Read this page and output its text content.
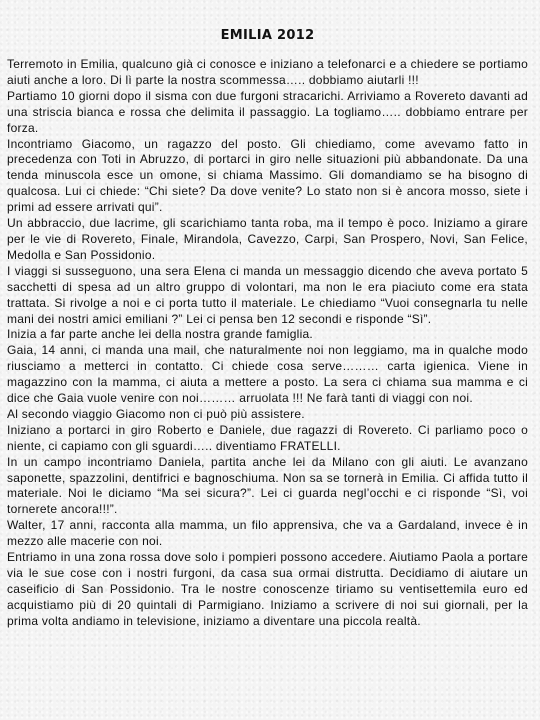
EMILIA 2012

Terremoto in Emilia, qualcuno già ci conosce e iniziano a telefonarci e a chiedere se portiamo aiuti anche a loro. Di lì parte la nostra scommessa….. dobbiamo aiutarli !!!

Partiamo 10 giorni dopo il sisma con due furgoni stracarichi. Arriviamo a Rovereto davanti ad una striscia bianca e rossa che delimita il passaggio. La togliamo….. dobbiamo entrare per forza.

Incontriamo Giacomo, un ragazzo del posto. Gli chiediamo, come avevamo fatto in precedenza con Toti in Abruzzo, di portarci in giro nelle situazioni più abbandonate. Da una tenda minuscola esce un omone, si chiama Massimo. Gli domandiamo se ha bisogno di qualcosa. Lui ci chiede: “Chi siete? Da dove venite? Lo stato non si è ancora mosso, siete i primi ad essere arrivati qui”.

Un abbraccio, due lacrime, gli scarichiamo tanta roba, ma il tempo è poco. Iniziamo a girare per le vie di Rovereto, Finale, Mirandola, Cavezzo, Carpi, San Prospero, Novi, San Felice, Medolla e San Possidonio.

I viaggi si susseguono, una sera Elena ci manda un messaggio dicendo che aveva portato 5 sacchetti di spesa ad un altro gruppo di volontari, ma non le era piaciuto come era stata trattata. Si rivolge a noi e ci porta tutto il materiale. Le chiediamo “Vuoi consegnarla tu nelle mani dei nostri amici emiliani ?” Lei ci pensa ben 12 secondi e risponde “Sì”.

Inizia a far parte anche lei della nostra grande famiglia.

Gaia, 14 anni, ci manda una mail, che naturalmente noi non leggiamo, ma in qualche modo riusciamo a metterci in contatto. Ci chiede cosa serve……… carta igienica. Viene in magazzino con la mamma, ci aiuta a mettere a posto. La sera ci chiama sua mamma e ci dice che Gaia vuole venire con noi……… arruolata !!! Ne farà tanti di viaggi con noi.

Al secondo viaggio Giacomo non ci può più assistere.

Iniziano a portarci in giro Roberto e Daniele, due ragazzi di Rovereto. Ci parliamo poco o niente, ci capiamo con gli sguardi….. diventiamo FRATELLI.

In un campo incontriamo Daniela, partita anche lei da Milano con gli aiuti. Le avanzano saponette, spazzolini, dentifrici e bagnoschiuma. Non sa se tornerà in Emilia. Ci affida tutto il materiale. Noi le diciamo “Ma sei sicura?”. Lei ci guarda negl’occhi e ci risponde “Sì, voi tornerete ancora!!!”.

Walter, 17 anni, racconta alla mamma, un filo apprensiva, che va a Gardaland, invece è in mezzo alle macerie con noi.

Entriamo in una zona rossa dove solo i pompieri possono accedere. Aiutiamo Paola a portare via le sue cose con i nostri furgoni, da casa sua ormai distrutta. Decidiamo di aiutare un caseificio di San Possidonio. Tra le nostre conoscenze tiriamo su ventisettemila euro ed acquistiamo più di 20 quintali di Parmigiano. Iniziamo a scrivere di noi sui giornali, per la prima volta andiamo in televisione, iniziamo a diventare una piccola realtà.
